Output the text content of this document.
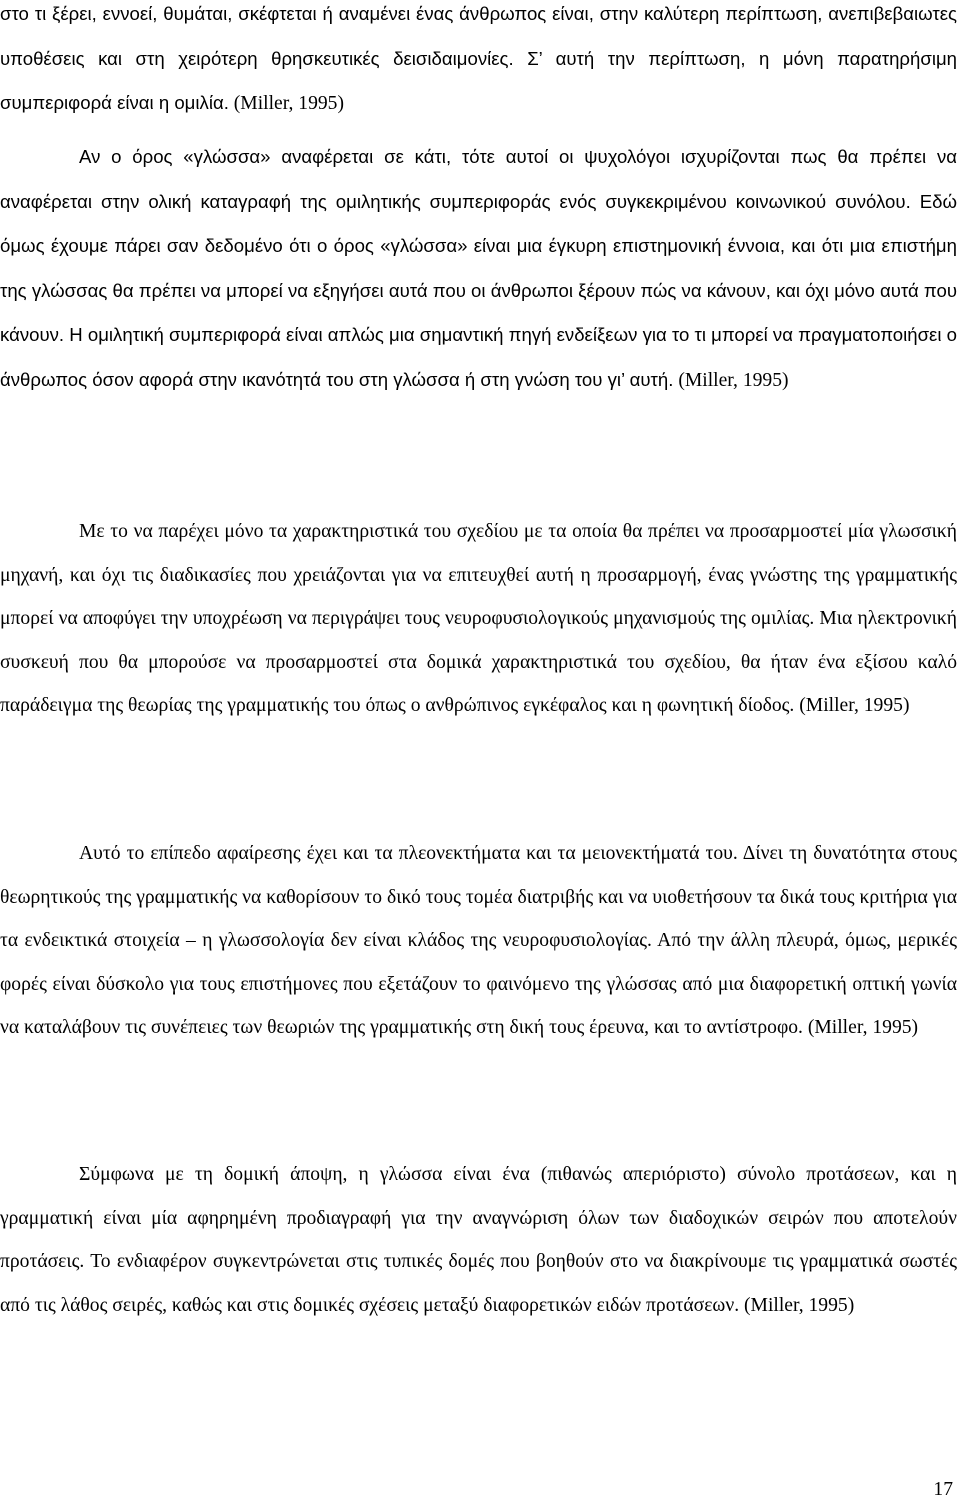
στο τι ξέρει, εννοεί, θυμάται, σκέφτεται ή αναμένει ένας άνθρωπος είναι, στην καλύτερη περίπτωση, ανεπιβεβαιωτες υποθέσεις και στη χειρότερη θρησκευτικές δεισιδαιμονίες. Σ’ αυτή την περίπτωση, η μόνη παρατηρήσιμη συμπεριφορά είναι η ομιλία. (Miller, 1995)

Αν ο όρος «γλώσσα» αναφέρεται σε κάτι, τότε αυτοί οι ψυχολόγοι ισχυρίζονται πως θα πρέπει να αναφέρεται στην ολική καταγραφή της ομιλητικής συμπεριφοράς ενός συγκεκριμένου κοινωνικού συνόλου. Εδώ όμως έχουμε πάρει σαν δεδομένο ότι ο όρος «γλώσσα» είναι μια έγκυρη επιστημονική έννοια, και ότι μια επιστήμη της γλώσσας θα πρέπει να μπορεί να εξηγήσει αυτά που οι άνθρωποι ξέρουν πώς να κάνουν, και όχι μόνο αυτά που κάνουν. Η ομιλητική συμπεριφορά είναι απλώς μια σημαντική πηγή ενδείξεων για το τι μπορεί να πραγματοποιήσει ο άνθρωπος όσον αφορά στην ικανότητά του στη γλώσσα ή στη γνώση του γι’ αυτή. (Miller, 1995)

Με το να παρέχει μόνο τα χαρακτηριστικά του σχεδίου με τα οποία θα πρέπει να προσαρμοστεί μία γλωσσική μηχανή, και όχι τις διαδικασίες που χρειάζονται για να επιτευχθεί αυτή η προσαρμογή, ένας γνώστης της γραμματικής μπορεί να αποφύγει την υποχρέωση να περιγράψει τους νευροφυσιολογικούς μηχανισμούς της ομιλίας. Μια ηλεκτρονική συσκευή που θα μπορούσε να προσαρμοστεί στα δομικά χαρακτηριστικά του σχεδίου, θα ήταν ένα εξίσου καλό παράδειγμα της θεωρίας της γραμματικής του όπως ο ανθρώπινος εγκέφαλος και η φωνητική δίοδος. (Miller, 1995)

Αυτό το επίπεδο αφαίρεσης έχει και τα πλεονεκτήματα και τα μειονεκτήματά του. Δίνει τη δυνατότητα στους θεωρητικούς της γραμματικής να καθορίσουν το δικό τους τομέα διατριβής και να υιοθετήσουν τα δικά τους κριτήρια για τα ενδεικτικά στοιχεία – η γλωσσολογία δεν είναι κλάδος της νευροφυσιολογίας. Από την άλλη πλευρά, όμως, μερικές φορές είναι δύσκολο για τους επιστήμονες που εξετάζουν το φαινόμενο της γλώσσας από μια διαφορετική οπτική γωνία να καταλάβουν τις συνέπειες των θεωριών της γραμματικής στη δική τους έρευνα, και το αντίστροφο. (Miller, 1995)

Σύμφωνα με τη δομική άποψη, η γλώσσα είναι ένα (πιθανώς απεριόριστο) σύνολο προτάσεων, και η γραμματική είναι μία αφηρημένη προδιαγραφή για την αναγνώριση όλων των διαδοχικών σειρών που αποτελούν προτάσεις. Το ενδιαφέρον συγκεντρώνεται στις τυπικές δομές που βοηθούν στο να διακρίνουμε τις γραμματικά σωστές από τις λάθος σειρές, καθώς και στις δομικές σχέσεις μεταξύ διαφορετικών ειδών προτάσεων. (Miller, 1995)

17
